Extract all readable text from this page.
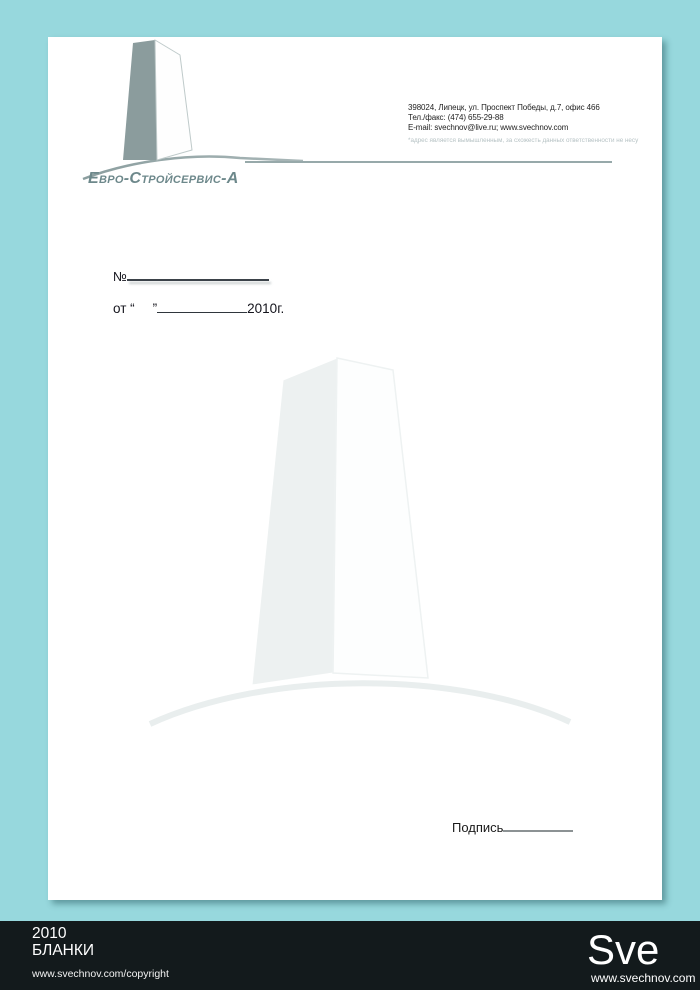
Евро-Стройсервис-А
398024, Липецк, ул. Проспект Победы, д.7, офис 466
Тел./факс: (474) 655-29-88
E-mail: svechnov@live.ru; www.svechnov.com
*адрес является вымышленным, за схожесть данных ответственности не несу
№
от “ ”	2010г.
Подпись
2010
БЛАНКИ
www.svechnov.com/copyright
Sve
www.svechnov.com
